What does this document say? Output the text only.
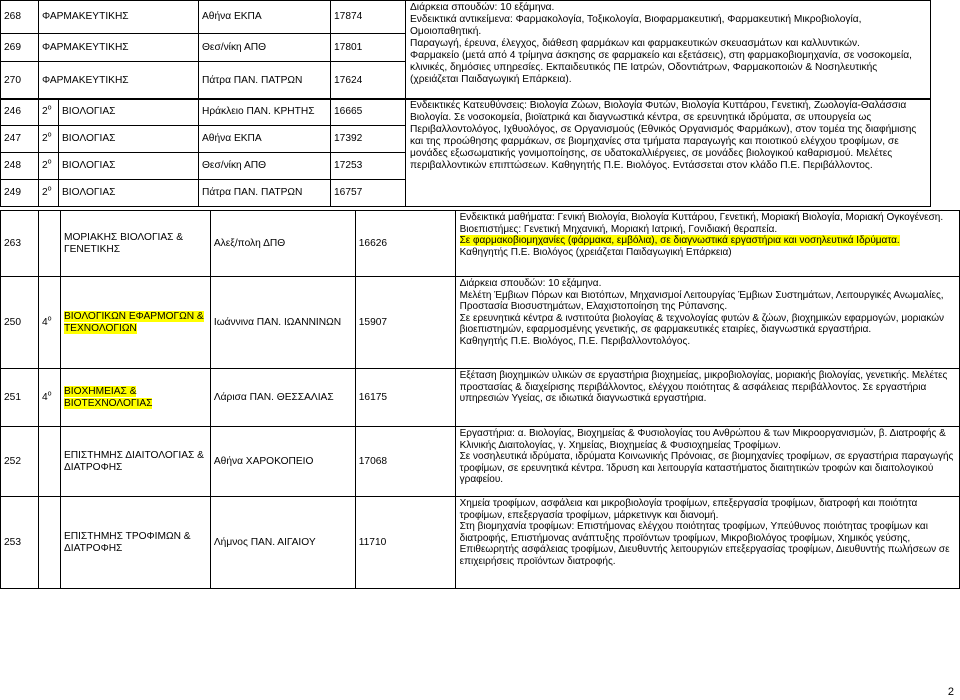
268	ΦΑΡΜΑΚΕΥΤΙΚΗΣ	Αθήνα ΕΚΠΑ	17874	Διάρκεια σπουδών: 10 εξάμηνα.
Ενδεικτικά αντικείμενα: Φαρμακολογία, Τοξικολογία, Βιοφαρμακευτική, Φαρμακευτική Μικροβιολογία, Ομοιοπαθητική.
Παραγωγή, έρευνα, έλεγχος, διάθεση φαρμάκων και φαρμακευτικών σκευασμάτων και καλλυντικών.
Φαρμακείο (μετά από 4 τρίμηνα άσκησης σε φαρμακείο και εξετάσεις), στη φαρμακοβιομηχανία, σε νοσοκομεία, κλινικές, δημόσιες υπηρεσίες. Εκπαιδευτικός ΠΕ Ιατρών, Οδοντιάτρων, Φαρμακοποιών & Νοσηλευτικής (χρειάζεται Παιδαγωγική Επάρκεια).

269	ΦΑΡΜΑΚΕΥΤΙΚΗΣ	Θεσ/νίκη ΑΠΘ	17801	
270	ΦΑΡΜΑΚΕΥΤΙΚΗΣ	Πάτρα ΠΑΝ. ΠΑΤΡΩΝ	17624	
246	$2^o$	ΒΙΟΛΟΓΙΑΣ	Ηράκλειο ΠΑΝ. ΚΡΗΤΗΣ	16665	Ενδεικτικές Κατευθύνσεις: Βιολογία Ζώων, Βιολογία Φυτών, Βιολογία Κυττάρου, Γενετική, Ζωολογία-Θαλάσσια Βιολογία. Σε νοσοκομεία, βιοϊατρικά και διαγνωστικά κέντρα, σε ερευνητικά ιδρύματα, σε υπουργεία ως Περιβαλλοντολόγος, Ιχθυολόγος, σε Οργανισμούς (Εθνικός Οργανισμός Φαρμάκων), στον τομέα της διαφήμισης και της προώθησης φαρμάκων, σε βιομηχανίες στα τμήματα παραγωγής και ποιοτικού ελέγχου τροφίμων, σε μονάδες εξωσωματικής γονιμοποίησης, σε υδατοκαλλιέργειες, σε μονάδες βιολογικού καθαρισμού. Μελέτες περιβαλλοντικών επιπτώσεων. Καθηγητής Π.Ε. Βιολόγος. Εντάσσεται στον κλάδο Π.Ε. Περιβάλλοντος.
247	$2^o$	ΒΙΟΛΟΓΙΑΣ	Αθήνα ΕΚΠΑ	17392	
248	$2^o$	ΒΙΟΛΟΓΙΑΣ	Θεσ/νίκη ΑΠΘ	17253	
249	$2^o$	ΒΙΟΛΟΓΙΑΣ	Πάτρα ΠΑΝ. ΠΑΤΡΩΝ	16757	
263		ΜΟΡΙΑΚΗΣ ΒΙΟΛΟΓΙΑΣ & ΓΕΝΕΤΙΚΗΣ	Αλεξ/πολη ΔΠΘ	16626	Ενδεικτικά μαθήματα: Γενική Βιολογία, Βιολογία Κυττάρου, Γενετική, Μοριακή Βιολογία, Μοριακή Ογκογένεση.
Βιοεπιστήμες: Γενετική Μηχανική, Μοριακή Ιατρική, Γονιδιακή θεραπεία.
Σε φαρμακοβιομηχανίες (φάρμακα, εμβόλια), σε διαγνωστικά εργαστήρια και νοσηλευτικά Ιδρύματα.
Καθηγητής Π.Ε. Βιολόγος (χρειάζεται Παιδαγωγική Επάρκεια)

250	$4^o$	ΒΙΟΛΟΓΙΚΩΝ ΕΦΑΡΜΟΓΩΝ & ΤΕΧΝΟΛΟΓΙΩΝ	Ιωάννινα ΠΑΝ. ΙΩΑΝΝΙΝΩΝ	15907	Διάρκεια σπουδών: 10 εξάμηνα.
Μελέτη Έμβιων Πόρων και Βιοτόπων, Μηχανισμοί Λειτουργίας Έμβιων Συστημάτων, Λειτουργικές Ανωμαλίες, Προστασία Βιοσυστημάτων, Ελαχιστοποίηση της Ρύπανσης.
Σε ερευνητικά κέντρα & ινστιτούτα βιολογίας & τεχνολογίας φυτών & ζώων, βιοχημικών εφαρμογών, μοριακών βιοεπιστημών, εφαρμοσμένης γενετικής, σε φαρμακευτικές εταιρίες, διαγνωστικά εργαστήρια.
Καθηγητής Π.Ε. Βιολόγος, Π.Ε. Περιβαλλοντολόγος.

251	$4^o$	ΒΙΟΧΗΜΕΙΑΣ & ΒΙΟΤΕΧΝΟΛΟΓΙΑΣ	Λάρισα ΠΑΝ. ΘΕΣΣΑΛΙΑΣ	16175	Εξέταση βιοχημικών υλικών σε εργαστήρια βιοχημείας, μικροβιολογίας, μοριακής βιολογίας, γενετικής. Μελέτες προστασίας & διαχείρισης περιβάλλοντος, ελέγχου ποιότητας & ασφάλειας περιβάλλοντος. Σε εργαστήρια υπηρεσιών Υγείας, σε ιδιωτικά διαγνωστικά εργαστήρια.
252		ΕΠΙΣΤΗΜΗΣ ΔΙΑΙΤΟΛΟΓΙΑΣ & ΔΙΑΤΡΟΦΗΣ	Αθήνα ΧΑΡΟΚΟΠΕΙΟ	17068	Εργαστήρια: α. Βιολογίας, Βιοχημείας & Φυσιολογίας του Ανθρώπου & των Μικροοργανισμών, β. Διατροφής & Κλινικής Διαιτολογίας, γ. Χημείας, Βιοχημείας & Φυσιοχημείας Τροφίμων.
Σε νοσηλευτικά ιδρύματα, ιδρύματα Κοινωνικής Πρόνοιας, σε βιομηχανίες τροφίμων, σε εργαστήρια παραγωγής τροφίμων, σε ερευνητικά κέντρα. Ίδρυση και λειτουργία καταστήματος διαιτητικών τροφών και διαιτολογικού γραφείου.

253		ΕΠΙΣΤΗΜΗΣ ΤΡΟΦΙΜΩΝ & ΔΙΑΤΡΟΦΗΣ	Λήμνος ΠΑΝ. ΑΙΓΑΙΟΥ	11710	Χημεία τροφίμων, ασφάλεια και μικροβιολογία τροφίμων, επεξεργασία τροφίμων, διατροφή και ποιότητα τροφίμων, επεξεργασία τροφίμων, μάρκετινγκ και διανομή.
Στη βιομηχανία τροφίμων: Επιστήμονας ελέγχου ποιότητας τροφίμων, Υπεύθυνος ποιότητας τροφίμων και διατροφής, Επιστήμονας ανάπτυξης προϊόντων τροφίμων, Μικροβιολόγος τροφίμων, Χημικός γεύσης, Επιθεωρητής ασφάλειας τροφίμων, Διευθυντής λειτουργιών επεξεργασίας τροφίμων, Διευθυντής πωλήσεων σε επιχειρήσεις προϊόντων διατροφής.
2
